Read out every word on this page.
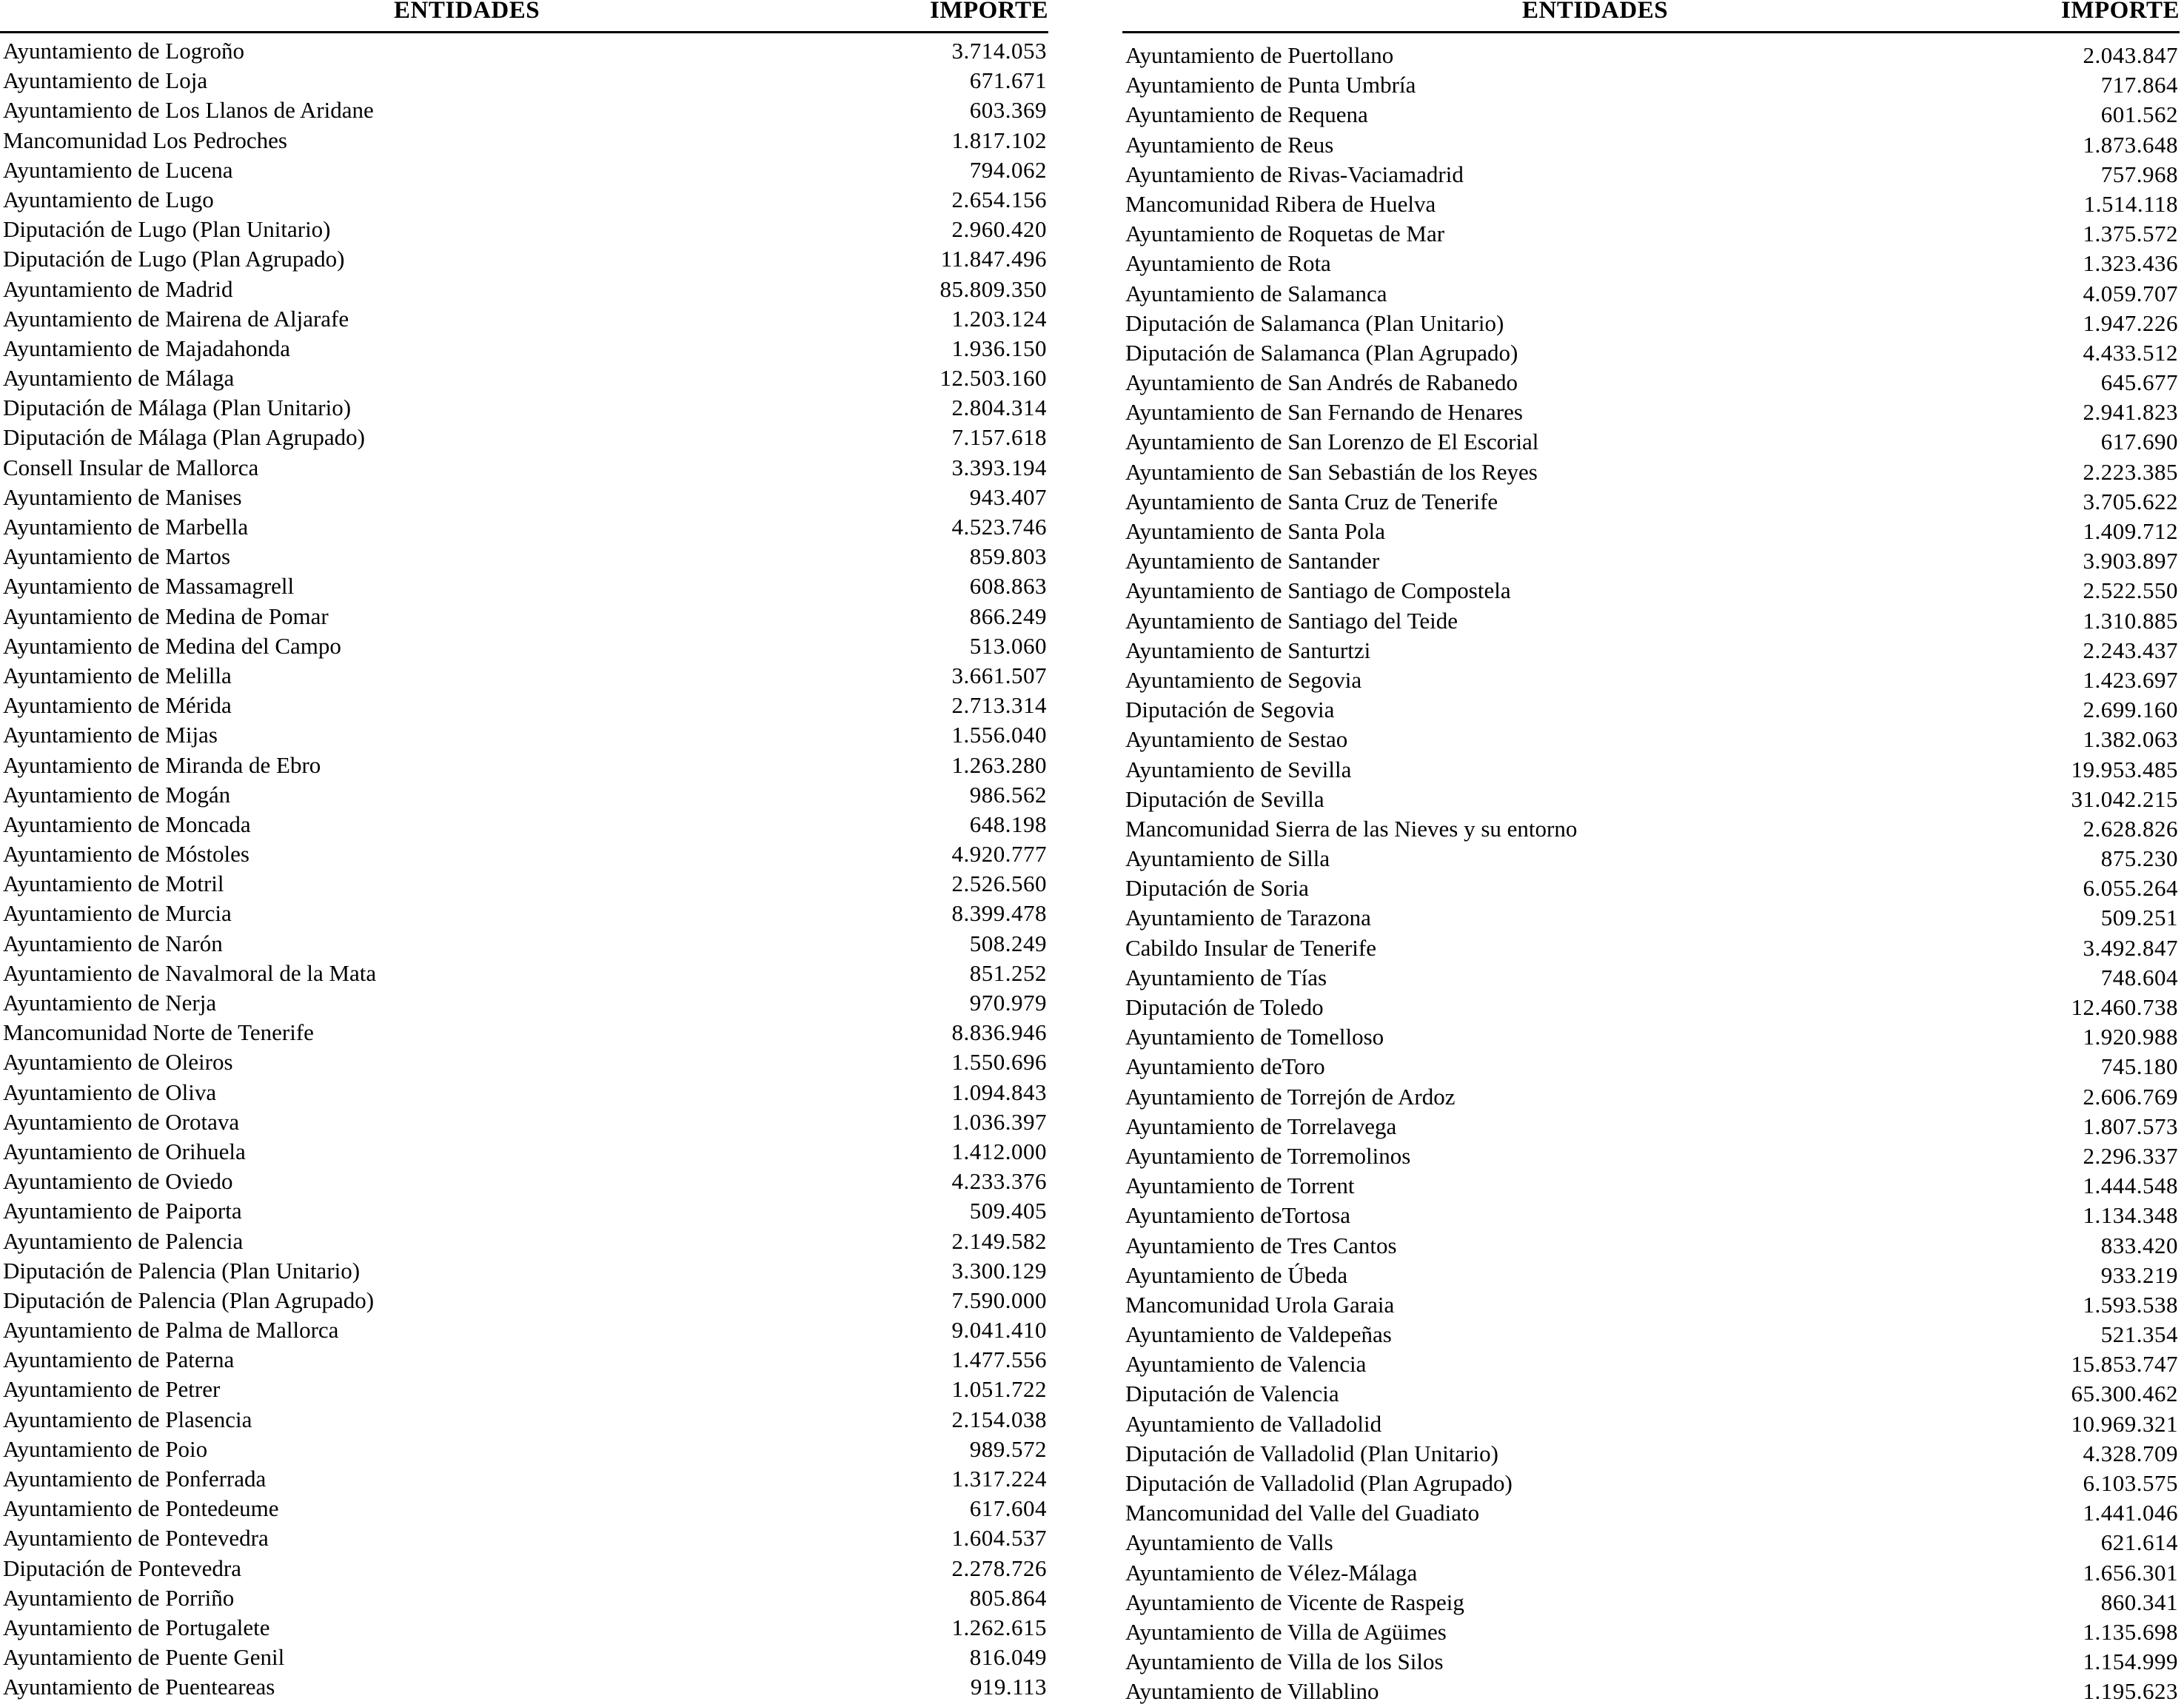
ENTIDADES	IMPORTE
Ayuntamiento de Logroño	3.714.053
Ayuntamiento de Loja	671.671
Ayuntamiento de Los Llanos de Aridane	603.369
Mancomunidad Los Pedroches	1.817.102
Ayuntamiento de Lucena	794.062
Ayuntamiento de Lugo	2.654.156
Diputación de Lugo (Plan Unitario)	2.960.420
Diputación de Lugo (Plan Agrupado)	11.847.496
Ayuntamiento de Madrid	85.809.350
Ayuntamiento de Mairena de Aljarafe	1.203.124
Ayuntamiento de Majadahonda	1.936.150
Ayuntamiento de Málaga	12.503.160
Diputación de Málaga (Plan Unitario)	2.804.314
Diputación de Málaga (Plan Agrupado)	7.157.618
Consell Insular de Mallorca	3.393.194
Ayuntamiento de Manises	943.407
Ayuntamiento de Marbella	4.523.746
Ayuntamiento de Martos	859.803
Ayuntamiento de Massamagrell	608.863
Ayuntamiento de Medina de Pomar	866.249
Ayuntamiento de Medina del Campo	513.060
Ayuntamiento de Melilla	3.661.507
Ayuntamiento de Mérida	2.713.314
Ayuntamiento de Mijas	1.556.040
Ayuntamiento de Miranda de Ebro	1.263.280
Ayuntamiento de Mogán	986.562
Ayuntamiento de Moncada	648.198
Ayuntamiento de Móstoles	4.920.777
Ayuntamiento de Motril	2.526.560
Ayuntamiento de Murcia	8.399.478
Ayuntamiento de Narón	508.249
Ayuntamiento de Navalmoral de la Mata	851.252
Ayuntamiento de Nerja	970.979
Mancomunidad Norte de Tenerife	8.836.946
Ayuntamiento de Oleiros	1.550.696
Ayuntamiento de Oliva	1.094.843
Ayuntamiento de Orotava	1.036.397
Ayuntamiento de Orihuela	1.412.000
Ayuntamiento de Oviedo	4.233.376
Ayuntamiento de Paiporta	509.405
Ayuntamiento de Palencia	2.149.582
Diputación de Palencia (Plan Unitario)	3.300.129
Diputación de Palencia (Plan Agrupado)	7.590.000
Ayuntamiento de Palma de Mallorca	9.041.410
Ayuntamiento de Paterna	1.477.556
Ayuntamiento de Petrer	1.051.722
Ayuntamiento de Plasencia	2.154.038
Ayuntamiento de Poio	989.572
Ayuntamiento de Ponferrada	1.317.224
Ayuntamiento de Pontedeume	617.604
Ayuntamiento de Pontevedra	1.604.537
Diputación de Pontevedra	2.278.726
Ayuntamiento de Porriño	805.864
Ayuntamiento de Portugalete	1.262.615
Ayuntamiento de Puente Genil	816.049
Ayuntamiento de Puenteareas	919.113
ENTIDADES	IMPORTE
Ayuntamiento de Puertollano	2.043.847
Ayuntamiento de Punta Umbría	717.864
Ayuntamiento de Requena	601.562
Ayuntamiento de Reus	1.873.648
Ayuntamiento de Rivas-Vaciamadrid	757.968
Mancomunidad Ribera de Huelva	1.514.118
Ayuntamiento de Roquetas de Mar	1.375.572
Ayuntamiento de Rota	1.323.436
Ayuntamiento de Salamanca	4.059.707
Diputación de Salamanca (Plan Unitario)	1.947.226
Diputación de Salamanca (Plan Agrupado)	4.433.512
Ayuntamiento de San Andrés de Rabanedo	645.677
Ayuntamiento de San Fernando de Henares	2.941.823
Ayuntamiento de San Lorenzo de El Escorial	617.690
Ayuntamiento de San Sebastián de los Reyes	2.223.385
Ayuntamiento de Santa Cruz de Tenerife	3.705.622
Ayuntamiento de Santa Pola	1.409.712
Ayuntamiento de Santander	3.903.897
Ayuntamiento de Santiago de Compostela	2.522.550
Ayuntamiento de Santiago del Teide	1.310.885
Ayuntamiento de Santurtzi	2.243.437
Ayuntamiento de Segovia	1.423.697
Diputación de Segovia	2.699.160
Ayuntamiento de Sestao	1.382.063
Ayuntamiento de Sevilla	19.953.485
Diputación de Sevilla	31.042.215
Mancomunidad Sierra de las Nieves y su entorno	2.628.826
Ayuntamiento de Silla	875.230
Diputación de Soria	6.055.264
Ayuntamiento de Tarazona	509.251
Cabildo Insular de Tenerife	3.492.847
Ayuntamiento de Tías	748.604
Diputación de Toledo	12.460.738
Ayuntamiento de Tomelloso	1.920.988
Ayuntamiento deToro	745.180
Ayuntamiento de Torrejón de Ardoz	2.606.769
Ayuntamiento de Torrelavega	1.807.573
Ayuntamiento de Torremolinos	2.296.337
Ayuntamiento de Torrent	1.444.548
Ayuntamiento deTortosa	1.134.348
Ayuntamiento de Tres Cantos	833.420
Ayuntamiento de Úbeda	933.219
Mancomunidad Urola Garaia	1.593.538
Ayuntamiento de Valdepeñas	521.354
Ayuntamiento de Valencia	15.853.747
Diputación de Valencia	65.300.462
Ayuntamiento de Valladolid	10.969.321
Diputación de Valladolid (Plan Unitario)	4.328.709
Diputación de Valladolid (Plan Agrupado)	6.103.575
Mancomunidad del Valle del Guadiato	1.441.046
Ayuntamiento de Valls	621.614
Ayuntamiento de Vélez-Málaga	1.656.301
Ayuntamiento de Vicente de Raspeig	860.341
Ayuntamiento de Villa de Agüimes	1.135.698
Ayuntamiento de Villa de los Silos	1.154.999
Ayuntamiento de Villablino	1.195.623
